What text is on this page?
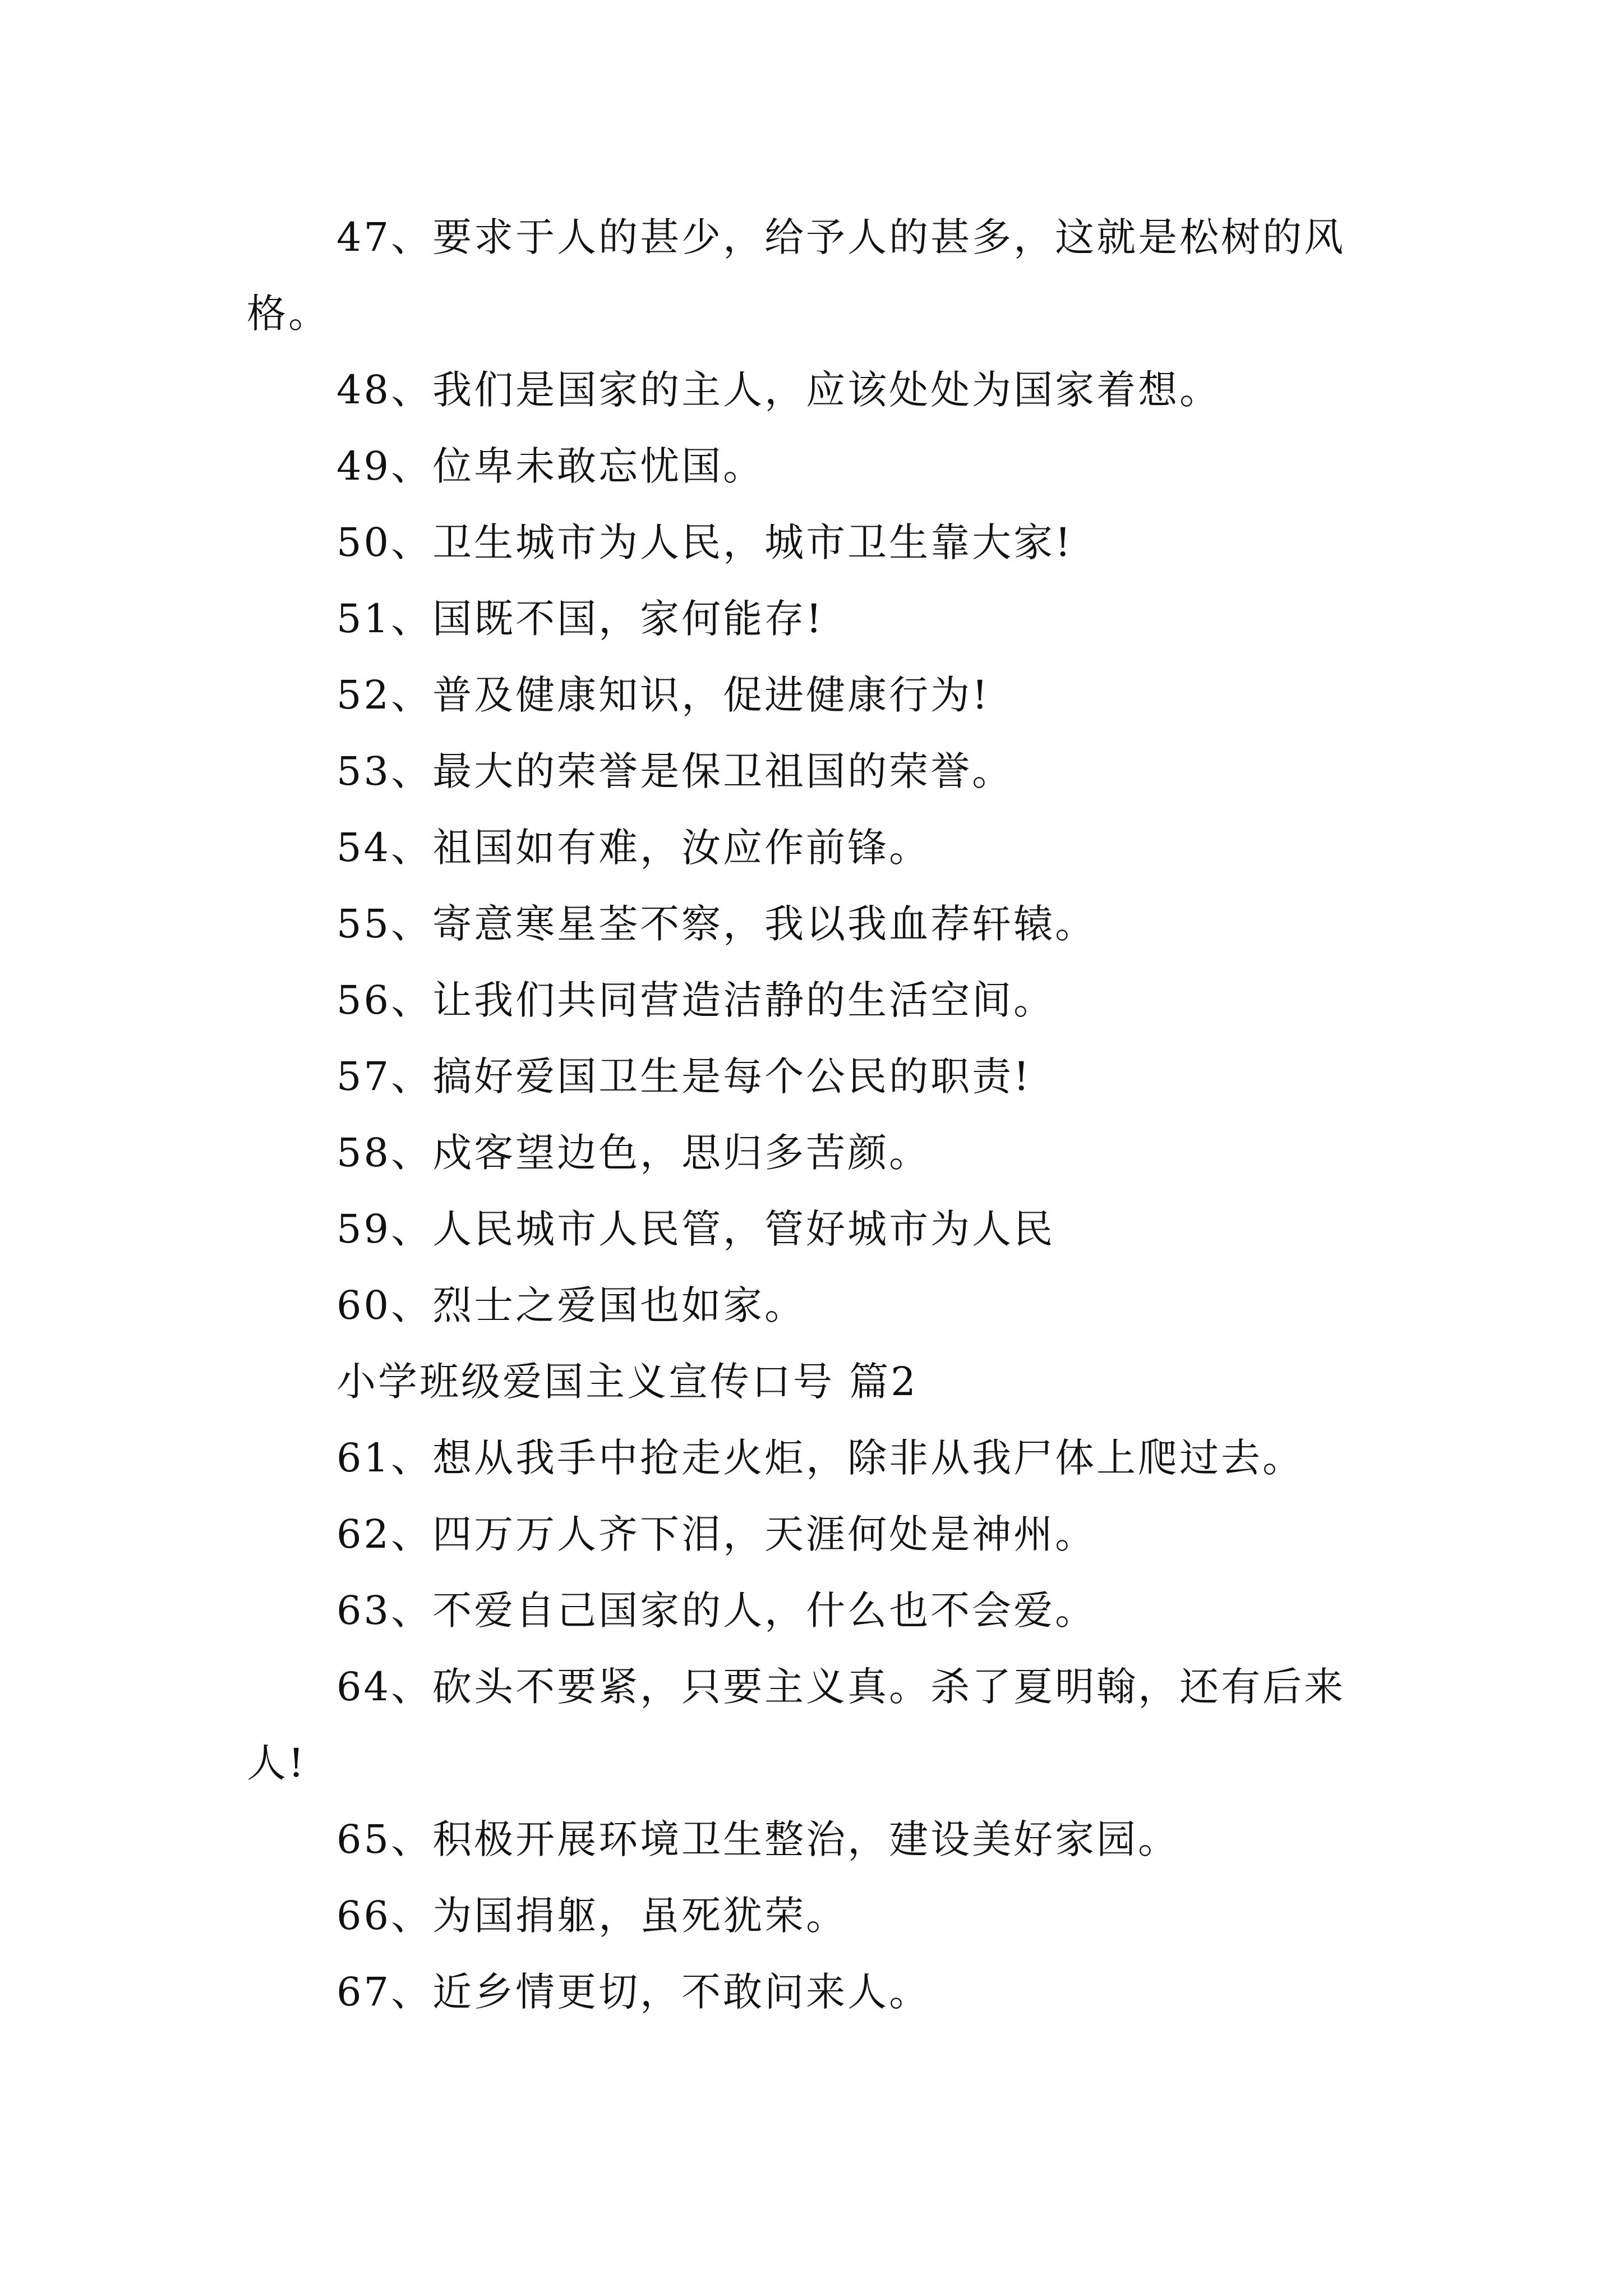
47、要求于人的甚少，给予人的甚多，这就是松树的风格。

48、我们是国家的主人，应该处处为国家着想。

49、位卑未敢忘忧国。

50、卫生城市为人民，城市卫生靠大家!

51、国既不国，家何能存!

52、普及健康知识，促进健康行为!

53、最大的荣誉是保卫祖国的荣誉。

54、祖国如有难，汝应作前锋。

55、寄意寒星荃不察，我以我血荐轩辕。

56、让我们共同营造洁静的生活空间。

57、搞好爱国卫生是每个公民的职责!

58、戍客望边色，思归多苦颜。

59、人民城市人民管，管好城市为人民

60、烈士之爱国也如家。

小学班级爱国主义宣传口号 篇2

61、想从我手中抢走火炬，除非从我尸体上爬过去。

62、四万万人齐下泪，天涯何处是神州。

63、不爱自己国家的人，什么也不会爱。

64、砍头不要紧，只要主义真。杀了夏明翰，还有后来人!

65、积极开展环境卫生整治，建设美好家园。

66、为国捐躯，虽死犹荣。

67、近乡情更切，不敢问来人。
